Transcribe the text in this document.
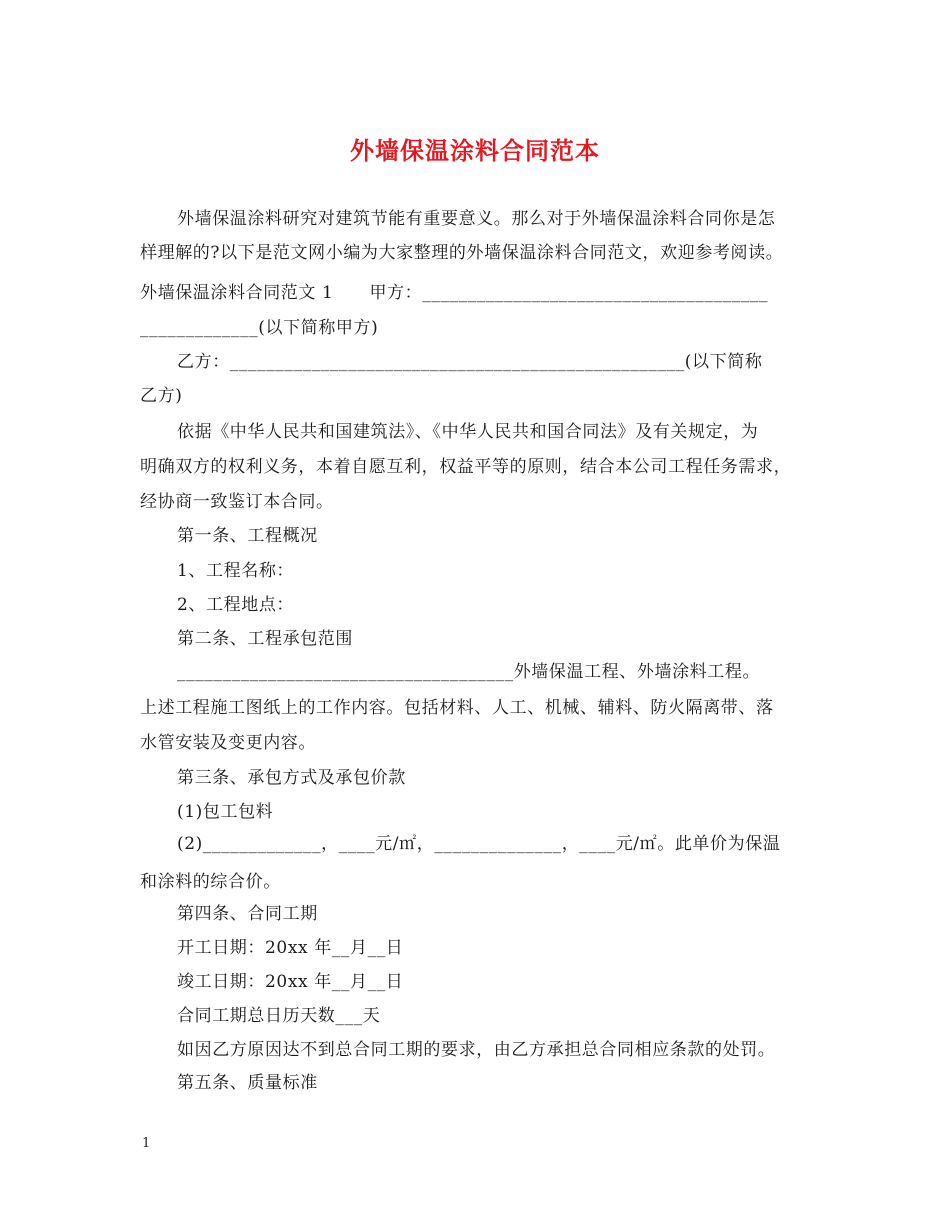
外墙保温涂料合同范本
外墙保温涂料研究对建筑节能有重要意义。那么对于外墙保温涂料合同你是怎
样理解的?以下是范文网小编为大家整理的外墙保温涂料合同范文，欢迎参考阅读。
外墙保温涂料合同范文 1      甲方：______________________________________
_____________(以下简称甲方)
乙方：__________________________________________________(以下简称
乙方)
依据《中华人民共和国建筑法》、《中华人民共和国合同法》及有关规定，为
明确双方的权利义务，本着自愿互利，权益平等的原则，结合本公司工程任务需求，
经协商一致鉴订本合同。
第一条、工程概况
1、工程名称：
2、工程地点：
第二条、工程承包范围
_____________________________________外墙保温工程、外墙涂料工程。
上述工程施工图纸上的工作内容。包括材料、人工、机械、辅料、防火隔离带、落
水管安装及变更内容。
第三条、承包方式及承包价款
(1)包工包料
(2)_____________，____元/㎡，______________，____元/㎡。此单价为保温
和涂料的综合价。
第四条、合同工期
开工日期：20xx 年__月__日
竣工日期：20xx 年__月__日
合同工期总日历天数___天
如因乙方原因达不到总合同工期的要求，由乙方承担总合同相应条款的处罚。
第五条、质量标准
1
